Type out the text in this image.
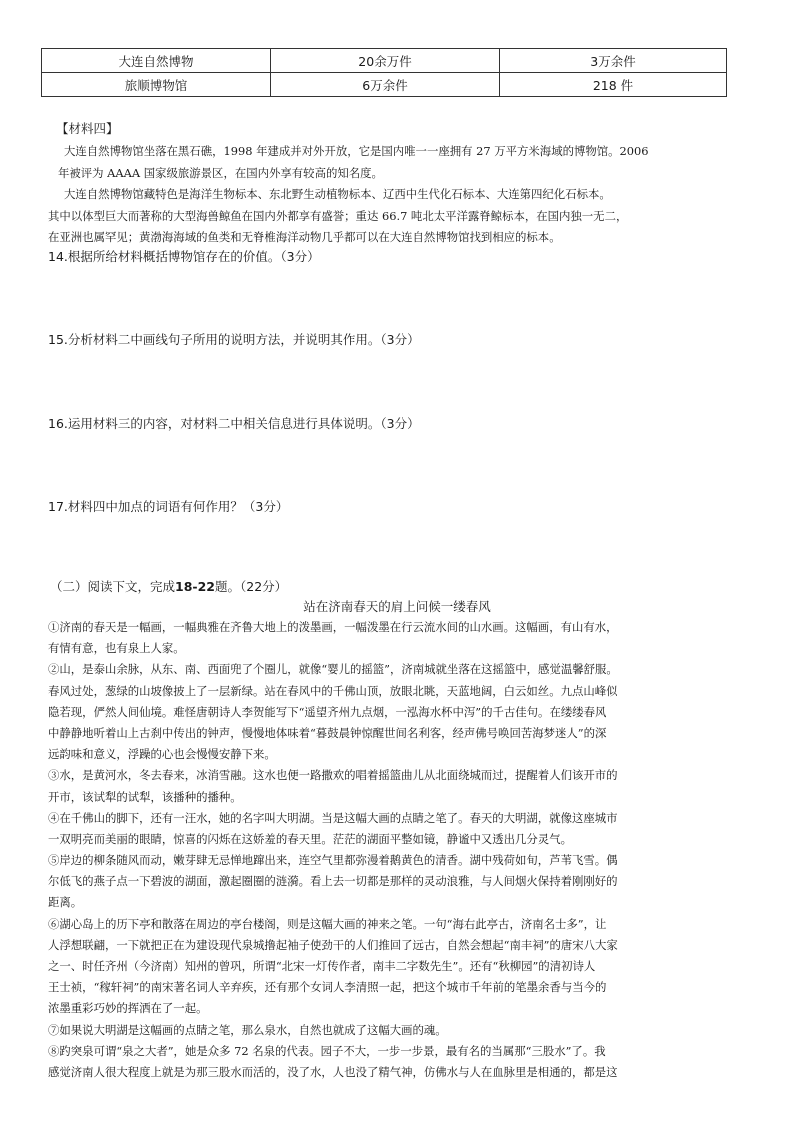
大连自然博物	20余万件	3万余件
旅顺博物馆	6万余件	218 件
【材料四】
大连自然博物馆坐落在黑石礁，1998 年建成并对外开放，它是国内唯一一座拥有 27 万平方米海域的博物馆。2006
年被评为 AAAA 国家级旅游景区，在国内外享有较高的知名度。
大连自然博物馆藏特色是海洋生物标本、东北野生动植物标本、辽西中生代化石标本、大连第四纪化石标本。
其中以体型巨大而著称的大型海兽鲸鱼在国内外都享有盛誉；重达 66.7 吨北太平洋露脊鲸标本，在国内独一无二，
在亚洲也属罕见；黄渤海海域的鱼类和无脊椎海洋动物几乎都可以在大连自然博物馆找到相应的标本。
14.根据所给材料概括博物馆存在的价值。（3分）
15.分析材料二中画线句子所用的说明方法，并说明其作用。（3分）
16.运用材料三的内容，对材料二中相关信息进行具体说明。（3分）
17.材料四中加点的词语有何作用？（3分）
（二）阅读下文，完成18-22题。（22分）
站在济南春天的肩上问候一缕春风
①济南的春天是一幅画，一幅典雅在齐鲁大地上的泼墨画，一幅泼墨在行云流水间的山水画。这幅画，有山有水，
有情有意，也有泉上人家。
②山，是泰山余脉，从东、南、西面兜了个圈儿，就像“婴儿的摇篮”，济南城就坐落在这摇篮中，感觉温馨舒服。
春风过处，葱绿的山坡像披上了一层新绿。站在春风中的千佛山顶，放眼北眺，天蓝地阔，白云如丝。九点山峰似
隐若现，俨然人间仙境。难怪唐朝诗人李贺能写下“遥望齐州九点烟，一泓海水杯中泻”的千古佳句。在缕缕春风
中静静地听着山上古刹中传出的钟声，慢慢地体味着“暮鼓晨钟惊醒世间名利客，经声佛号唤回苦海梦迷人”的深
远韵味和意义，浮躁的心也会慢慢安静下来。
③水，是黄河水，冬去春来，冰消雪融。这水也便一路撒欢的唱着摇篮曲儿从北面绕城而过，提醒着人们该开市的
开市，该试犁的试犁，该播种的播种。
④在千佛山的脚下，还有一汪水，她的名字叫大明湖。当是这幅大画的点睛之笔了。春天的大明湖，就像这座城市
一双明亮而美丽的眼睛，惊喜的闪烁在这娇羞的春天里。茫茫的湖面平整如镜，静谧中又透出几分灵气。
⑤岸边的柳条随风而动，嫩芽肆无忌惮地蹿出来，连空气里都弥漫着鹅黄色的清香。湖中残荷如旬，芦苇飞雪。偶
尔低飞的燕子点一下碧波的湖面，激起圈圈的涟漪。看上去一切都是那样的灵动浪雅，与人间烟火保持着刚刚好的
距离。
⑥湖心岛上的历下亭和散落在周边的亭台楼阁，则是这幅大画的神来之笔。一句“海右此亭古，济南名士多”，让
人浮想联翩，一下就把正在为建设现代泉城撸起袖子使劲干的人们推回了远古，自然会想起“南丰祠”的唐宋八大家
之一、时任齐州（今济南）知州的曾巩，所谓“北宋一灯传作者，南丰二字数先生”。还有“秋柳园”的清初诗人
王士祯，“稼轩祠”的南宋著名词人辛弃疾，还有那个女词人李清照一起，把这个城市千年前的笔墨余香与当今的
浓墨重彩巧妙的挥洒在了一起。
⑦如果说大明湖是这幅画的点睛之笔，那么泉水，自然也就成了这幅大画的魂。
⑧趵突泉可谓“泉之大者”，她是众多 72 名泉的代表。园子不大，一步一步景，最有名的当属那“三股水”了。我
感觉济南人很大程度上就是为那三股水而活的，没了水，人也没了精气神，仿佛水与人在血脉里是相通的，都是这
